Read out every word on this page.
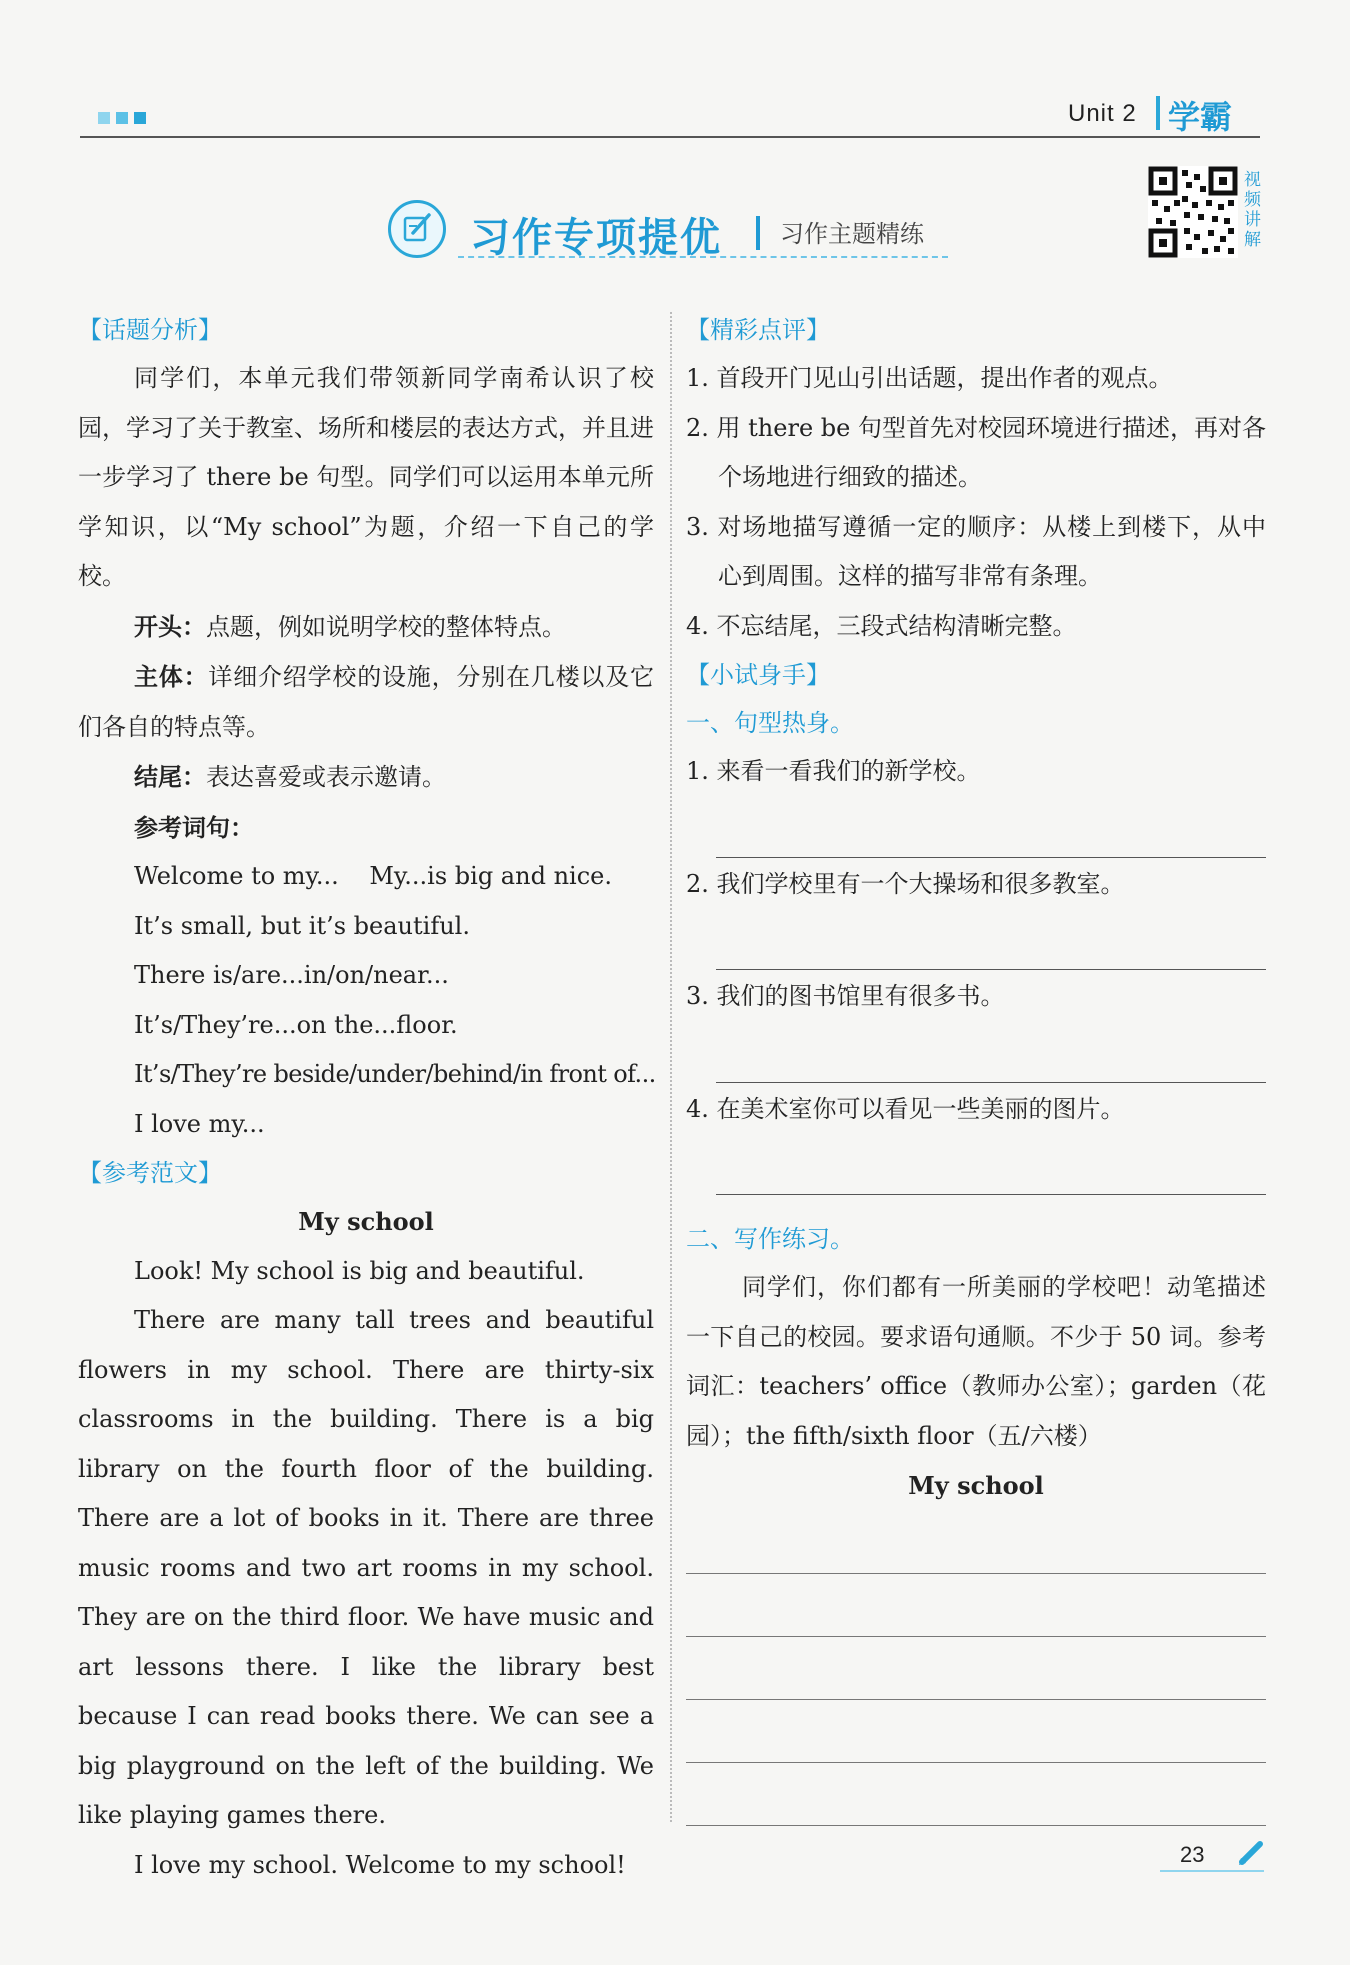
Unit 2 学霸
习作专项提优 习作主题精练
视频讲解
【话题分析】
同学们，本单元我们带领新同学南希认识了校园，学习了关于教室、场所和楼层的表达方式，并且进一步学习了 there be 句型。同学们可以运用本单元所学知识，以“My school”为题，介绍一下自己的学校。
开头：点题，例如说明学校的整体特点。
主体：详细介绍学校的设施，分别在几楼以及它们各自的特点等。
结尾：表达喜爱或表示邀请。
参考词句：
Welcome to my...    My...is big and nice.
It’s small, but it’s beautiful.
There is/are...in/on/near...
It’s/They’re...on the...floor.
It’s/They’re beside/under/behind/in front of...
I love my...
【参考范文】
My school
Look! My school is big and beautiful.
There are many tall trees and beautiful flowers in my school. There are thirty-six classrooms in the building. There is a big library on the fourth floor of the building. There are a lot of books in it. There are three music rooms and two art rooms in my school. They are on the third floor. We have music and art lessons there. I like the library best because I can read books there. We can see a big playground on the left of the building. We like playing games there.
I love my school. Welcome to my school!
【精彩点评】
1. 首段开门见山引出话题，提出作者的观点。
2. 用 there be 句型首先对校园环境进行描述，再对各个场地进行细致的描述。
3. 对场地描写遵循一定的顺序：从楼上到楼下，从中心到周围。这样的描写非常有条理。
4. 不忘结尾，三段式结构清晰完整。
【小试身手】
一、句型热身。
1. 来看一看我们的新学校。
2. 我们学校里有一个大操场和很多教室。
3. 我们的图书馆里有很多书。
4. 在美术室你可以看见一些美丽的图片。
二、写作练习。
同学们，你们都有一所美丽的学校吧！动笔描述一下自己的校园。要求语句通顺。不少于 50 词。参考词汇：teachers’ office（教师办公室）；garden（花园）；the fifth/sixth floor（五/六楼）
My school
23
